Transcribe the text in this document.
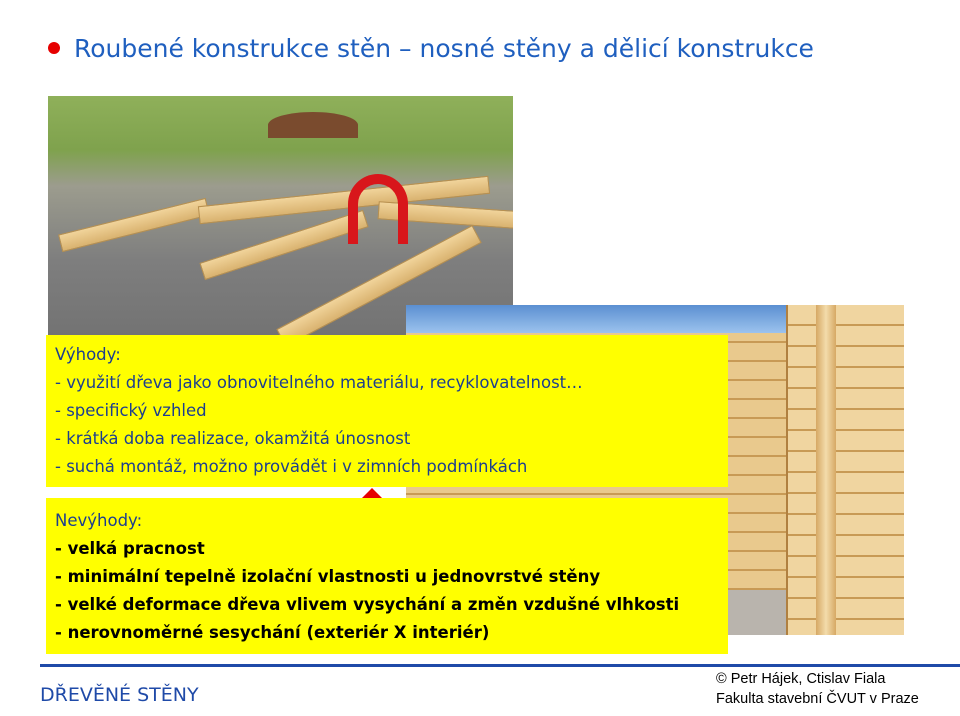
Roubené konstrukce stěn – nosné stěny a dělicí konstrukce
Výhody:
- využití dřeva jako obnovitelného materiálu, recyklovatelnost…
- specifický vzhled
- krátká doba realizace, okamžitá únosnost
- suchá montáž, možno provádět i v zimních podmínkách
Nevýhody:
- velká pracnost
- minimální tepelně izolační vlastnosti u jednovrstvé stěny
- velké deformace dřeva vlivem vysychání a změn vzdušné vlhkosti
- nerovnoměrné sesychání (exteriér X interiér)
DŘEVĚNÉ STĚNY
© Petr Hájek, Ctislav Fiala
Fakulta stavební ČVUT v Praze
